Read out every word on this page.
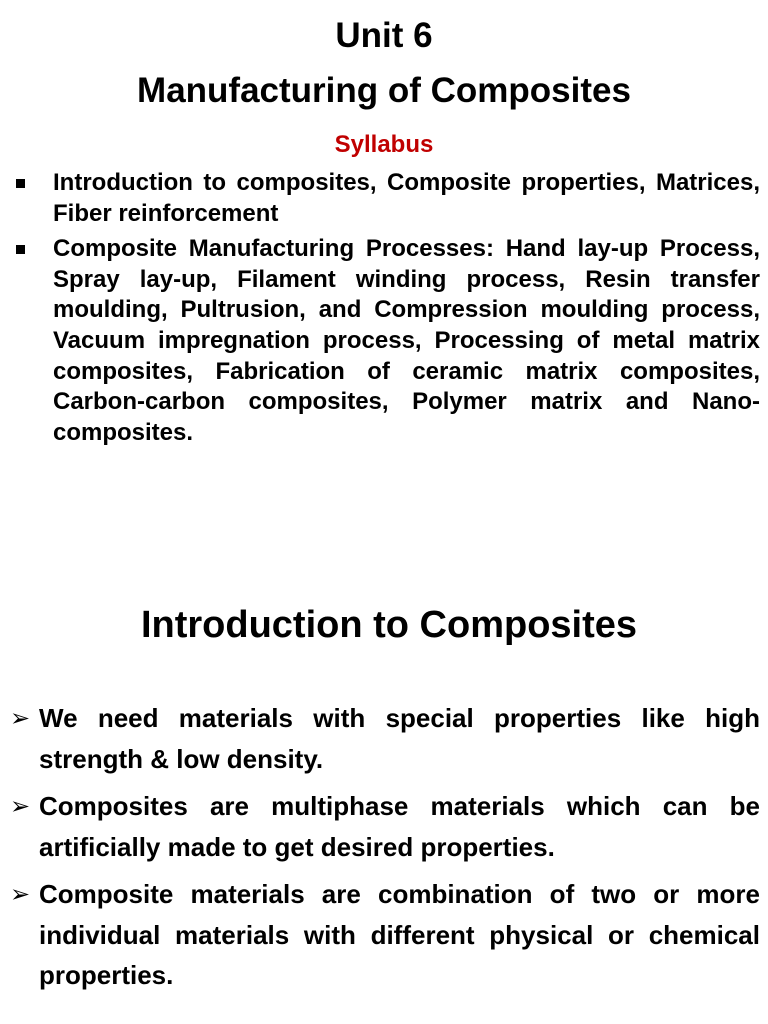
Unit 6
Manufacturing of Composites
Syllabus
Introduction to composites, Composite properties, Matrices, Fiber reinforcement
Composite Manufacturing Processes: Hand lay-up Process, Spray lay-up, Filament winding process, Resin transfer moulding, Pultrusion, and Compression moulding process, Vacuum impregnation process, Processing of metal matrix composites, Fabrication of ceramic matrix composites, Carbon-carbon composites, Polymer matrix and Nano-composites.
Introduction to Composites
➢ We need materials with special properties like high strength & low density.
➢ Composites are multiphase materials which can be artificially made to get desired properties.
➢ Composite materials are combination of two or more individual materials with different physical or chemical properties.
